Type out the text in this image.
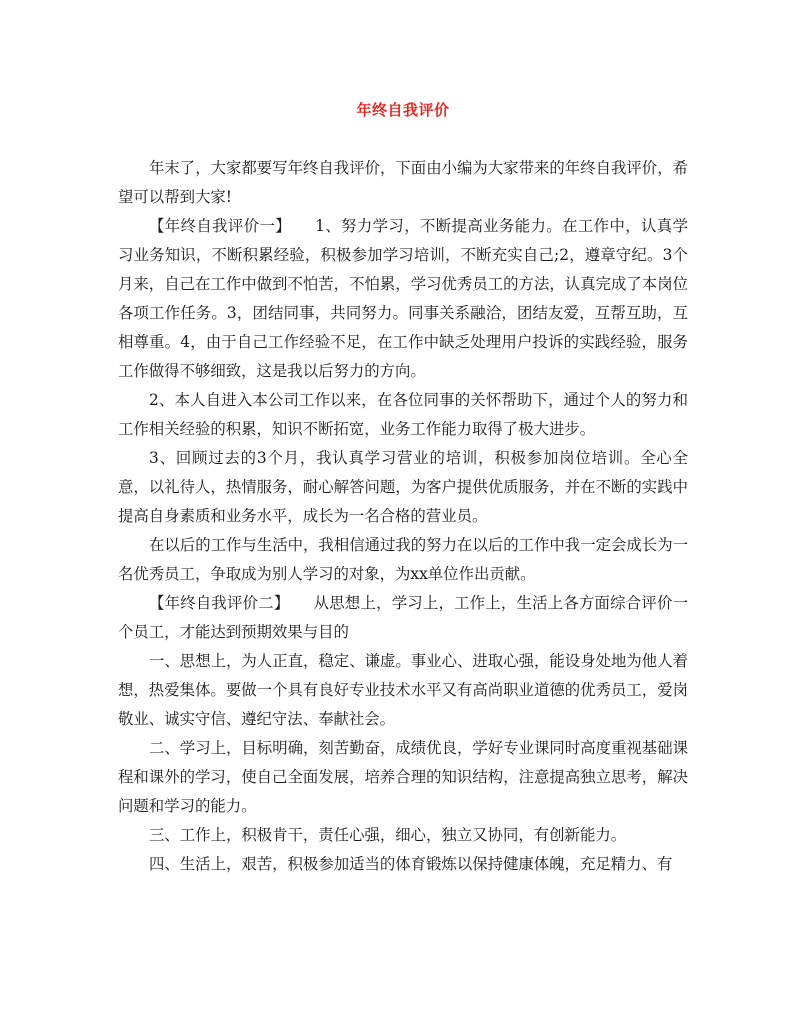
年终自我评价

年末了，大家都要写年终自我评价，下面由小编为大家带来的年终自我评价，希望可以帮到大家!

【年终自我评价一】 1、努力学习，不断提高业务能力。在工作中，认真学习业务知识，不断积累经验，积极参加学习培训，不断充实自己;2，遵章守纪。3个月来，自己在工作中做到不怕苦，不怕累，学习优秀员工的方法，认真完成了本岗位各项工作任务。3，团结同事，共同努力。同事关系融洽，团结友爱，互帮互助，互相尊重。4，由于自己工作经验不足，在工作中缺乏处理用户投诉的实践经验，服务工作做得不够细致，这是我以后努力的方向。

2、本人自进入本公司工作以来，在各位同事的关怀帮助下，通过个人的努力和工作相关经验的积累，知识不断拓宽，业务工作能力取得了极大进步。

3、回顾过去的3个月，我认真学习营业的培训，积极参加岗位培训。全心全意，以礼待人，热情服务，耐心解答问题，为客户提供优质服务，并在不断的实践中提高自身素质和业务水平，成长为一名合格的营业员。

在以后的工作与生活中，我相信通过我的努力在以后的工作中我一定会成长为一名优秀员工，争取成为别人学习的对象，为xx单位作出贡献。

【年终自我评价二】 从思想上，学习上，工作上，生活上各方面综合评价一个员工，才能达到预期效果与目的

一、思想上，为人正直，稳定、谦虚。事业心、进取心强，能设身处地为他人着想，热爱集体。要做一个具有良好专业技术水平又有高尚职业道德的优秀员工，爱岗敬业、诚实守信、遵纪守法、奉献社会。

二、学习上，目标明确，刻苦勤奋，成绩优良，学好专业课同时高度重视基础课程和课外的学习，使自己全面发展，培养合理的知识结构，注意提高独立思考，解决问题和学习的能力。

三、工作上，积极肯干，责任心强，细心，独立又协同，有创新能力。

四、生活上，艰苦，积极参加适当的体育锻炼以保持健康体魄，充足精力、有
